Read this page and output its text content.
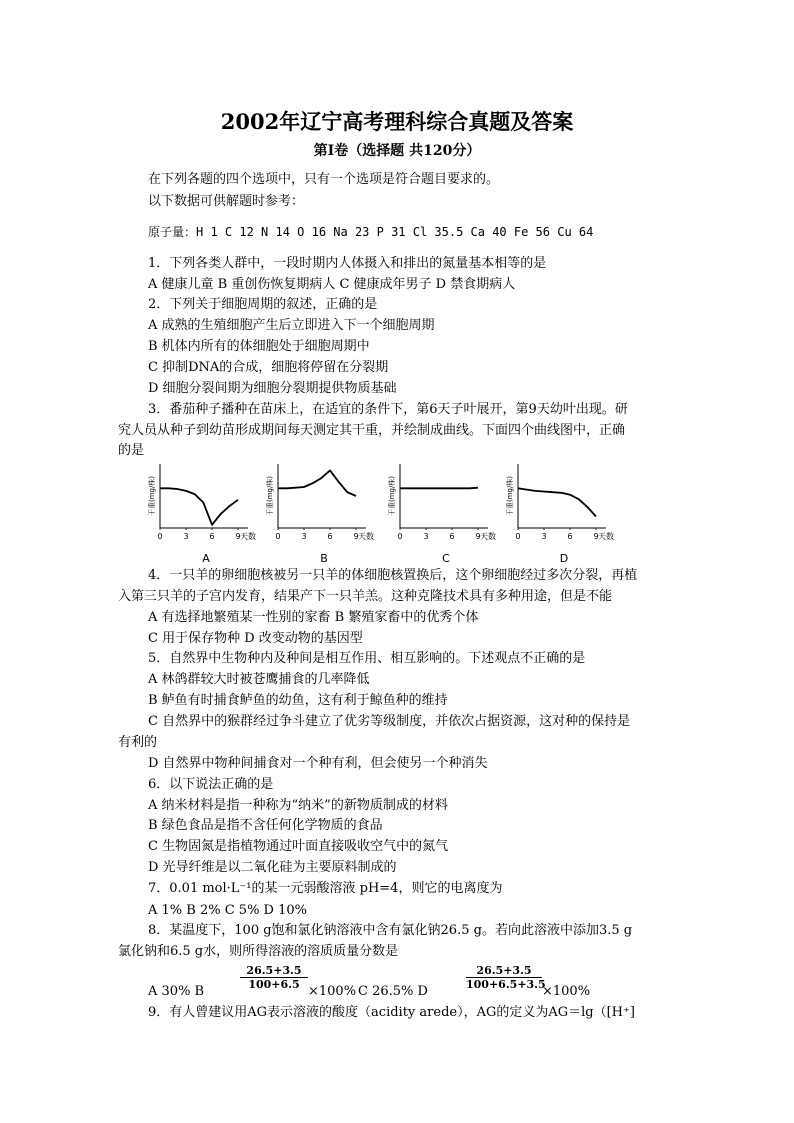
2002年辽宁高考理科综合真题及答案
第Ⅰ卷（选择题 共120分）
在下列各题的四个选项中，只有一个选项是符合题目要求的。
以下数据可供解题时参考：
原子量：H 1 C 12 N 14 O 16 Na 23 P 31 Cl 35.5 Ca 40 Fe 56 Cu 64
1．下列各类人群中，一段时期内人体摄入和排出的氮量基本相等的是
A 健康儿童 B 重创伤恢复期病人 C 健康成年男子 D 禁食期病人
2．下列关于细胞周期的叙述，正确的是
A 成熟的生殖细胞产生后立即进入下一个细胞周期
B 机体内所有的体细胞处于细胞周期中
C 抑制DNA的合成，细胞将停留在分裂期
D 细胞分裂间期为细胞分裂期提供物质基础
3．番茄种子播种在苗床上，在适宜的条件下，第6天子叶展开，第9天幼叶出现。研
究人员从种子到幼苗形成期间每天测定其干重，并绘制成曲线。下面四个曲线图中，正确
的是
干重(mg/株)
0	3	6	9 天数
A
干重(mg/株)
0	3	6	9 天数
B
干重(mg/株)
0	3	6	9 天数
C
干重(mg/株)
0	3	6	9 天数
D
4．一只羊的卵细胞核被另一只羊的体细胞核置换后，这个卵细胞经过多次分裂，再植
入第三只羊的子宫内发育，结果产下一只羊羔。这种克隆技术具有多种用途，但是不能
A 有选择地繁殖某一性别的家畜 B 繁殖家畜中的优秀个体
C 用于保存物种 D 改变动物的基因型
5．自然界中生物种内及种间是相互作用、相互影响的。下述观点不正确的是
A 林鸽群较大时被苍鹰捕食的几率降低
B 鲈鱼有时捕食鲈鱼的幼鱼，这有利于鲸鱼种的维持
C 自然界中的猴群经过争斗建立了优劣等级制度，并依次占据资源，这对种的保持是
有利的
D 自然界中物种间捕食对一个种有利，但会使另一个种消失
6．以下说法正确的是
A 纳米材料是指一种称为“纳米”的新物质制成的材料
B 绿色食品是指不含任何化学物质的食品
C 生物固氮是指植物通过叶面直接吸收空气中的氮气
D 光导纤维是以二氧化硅为主要原料制成的
7．0.01 mol·L⁻¹的某一元弱酸溶液 pH=4，则它的电离度为
A 1% B 2% C 5% D 10%
8．某温度下，100 g饱和氯化钠溶液中含有氯化钠26.5 g。若向此溶液中添加3.5 g
氯化钠和6.5 g水，则所得溶液的溶质质量分数是
A 30% B
$\frac{26.5+3.5}{100+6.5}$
×100% C 26.5% D
$\frac{26.5+3.5}{100+6.5+3.5}$
×100%
9．有人曾建议用AG表示溶液的酸度（acidity arede），AG的定义为AG＝lg（[H⁺]
